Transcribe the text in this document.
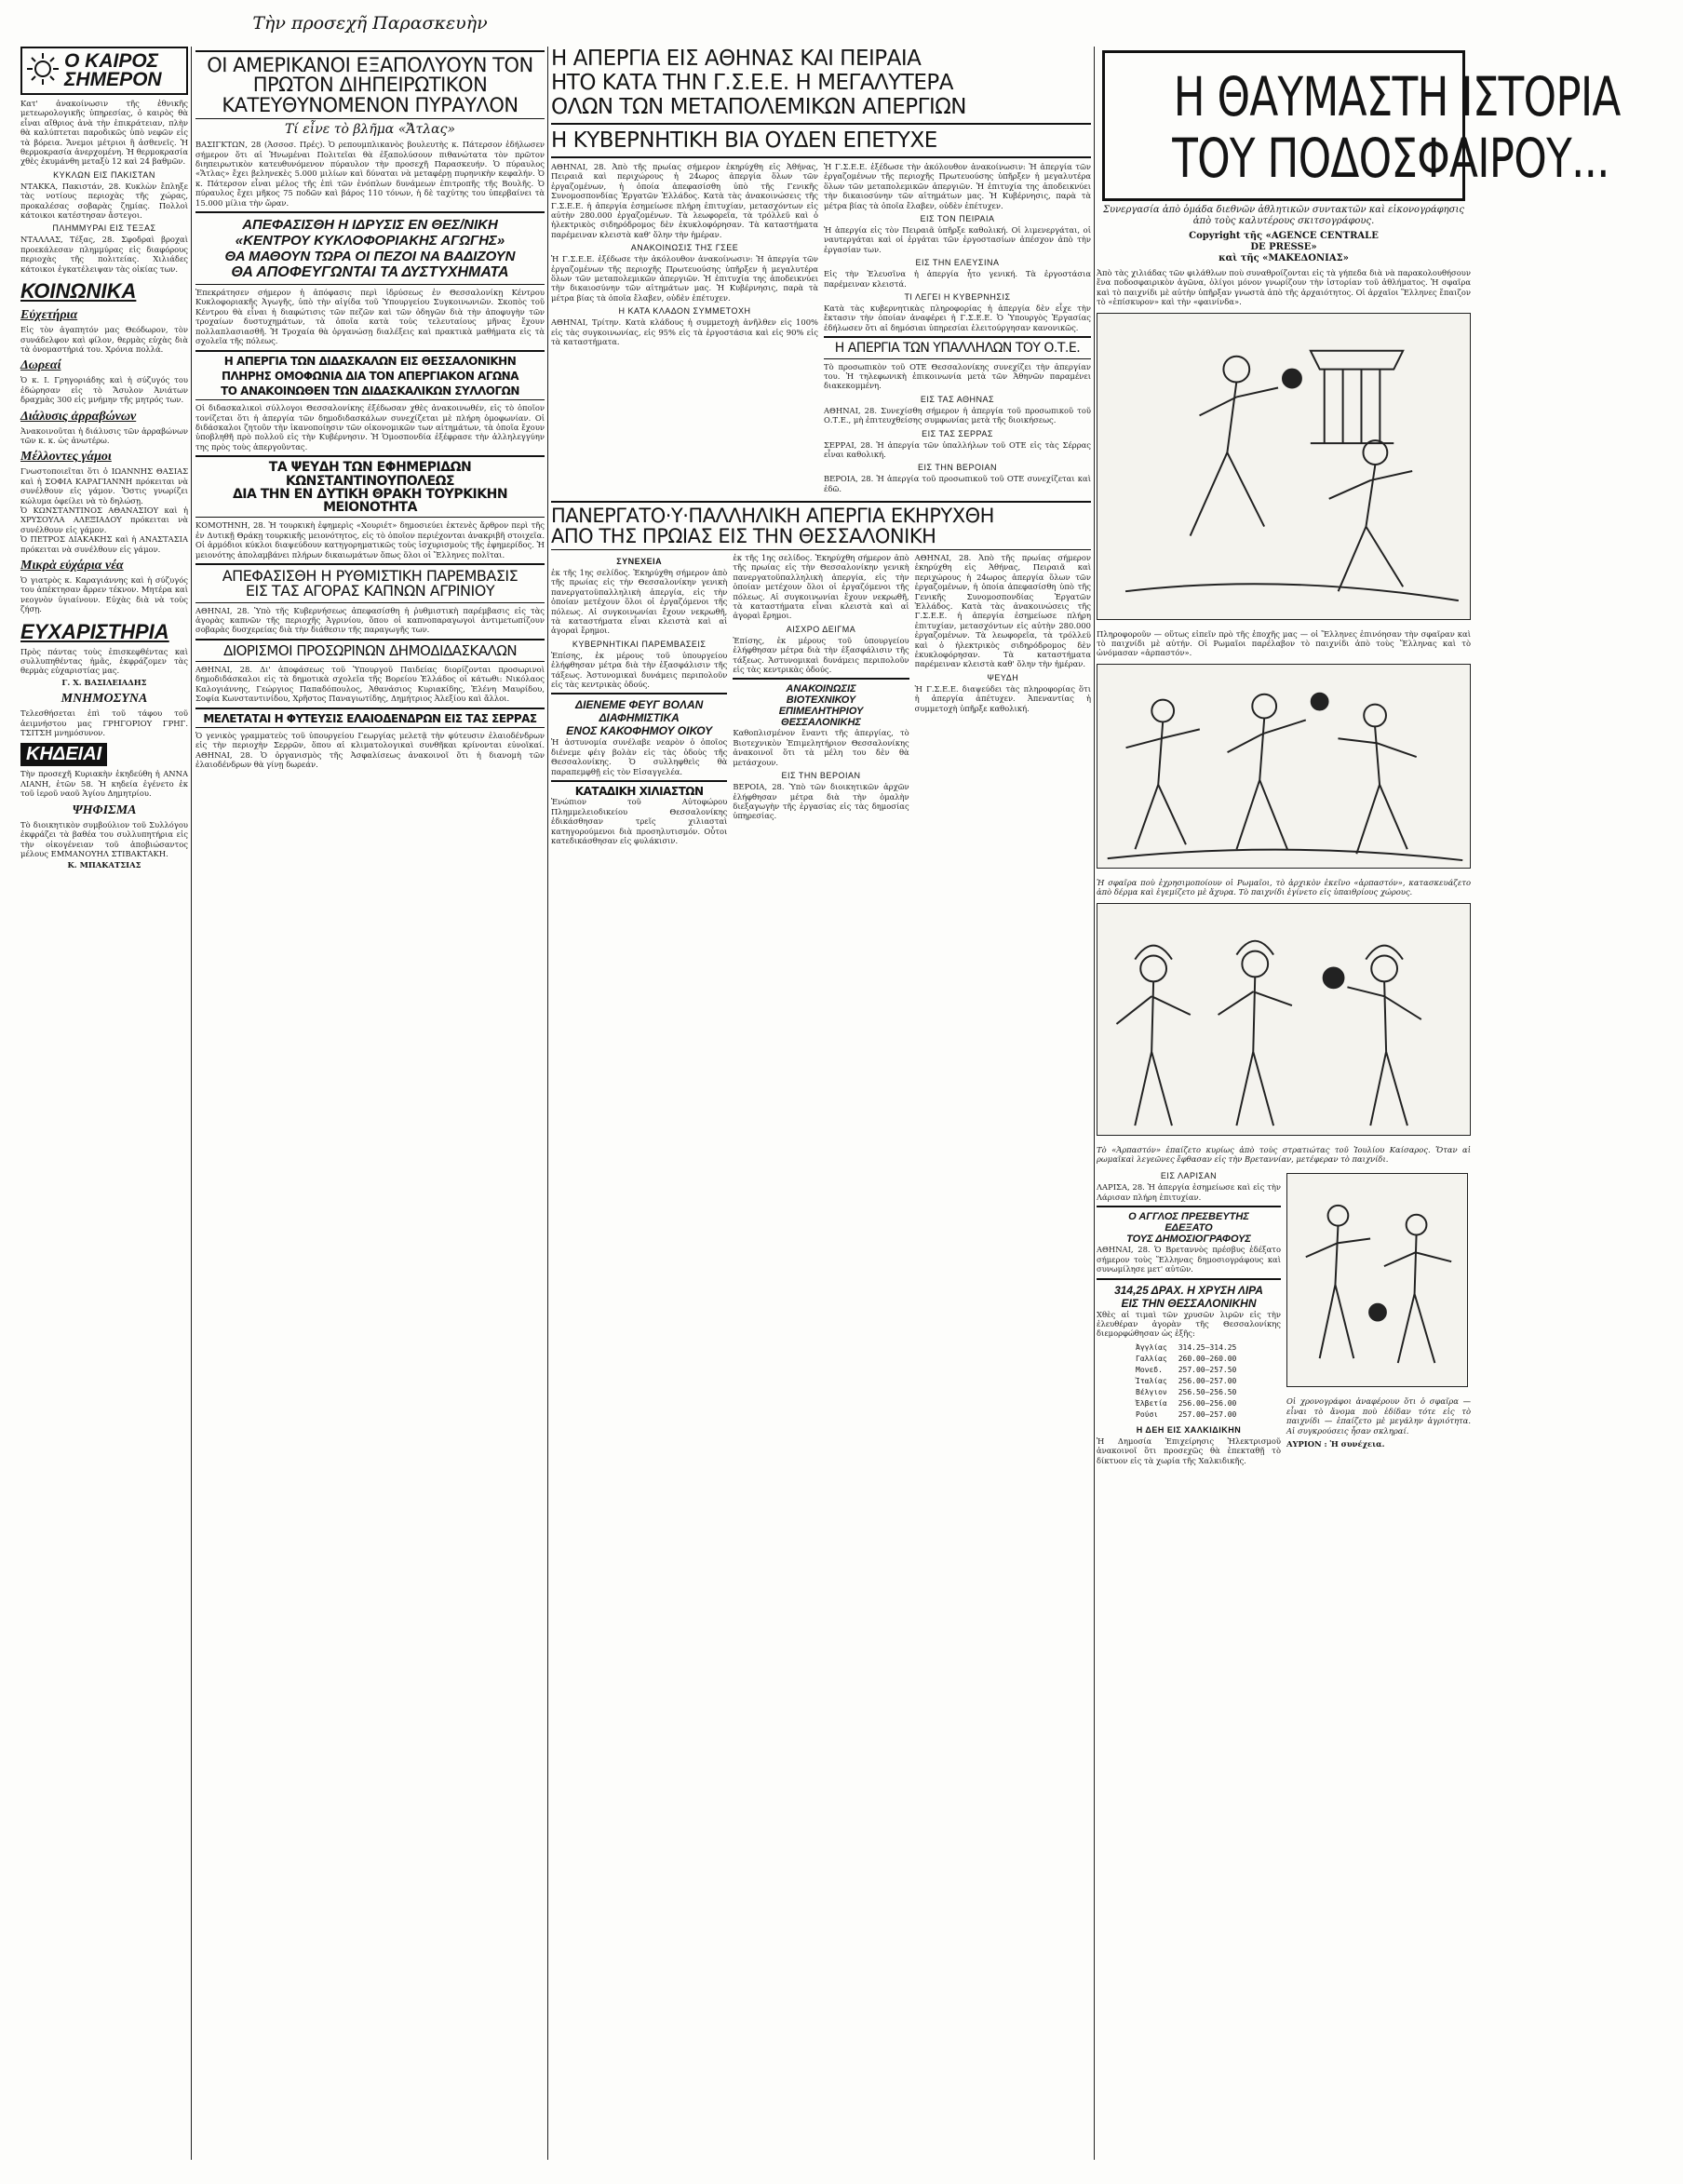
Τὴν προσεχῆ Παρασκευὴν
Ο ΚΑΙΡΟΣ
ΣΗΜΕΡΟΝ
Κατ' ἀνακοίνωσιν τῆς ἐθνικῆς μετεωρολογικῆς ὑπηρεσίας, ὁ καιρὸς θὰ εἶναι αἴθριος ἀνὰ τὴν ἐπικράτειαν, πλὴν θὰ καλύπτεται παροδικῶς ὑπὸ νεφῶν εἰς τὰ βόρεια. Ἄνεμοι μέτριοι ἢ ἀσθενεῖς. Ἡ θερμοκρασία ἀνερχομένη. Ἡ θερμοκρασία χθὲς ἐκυμάνθη μεταξὺ 12 καὶ 24 βαθμῶν.
ΚΥΚΛΩΝ ΕΙΣ ΠΑΚΙΣΤΑΝ
ΝΤΑΚΚΑ, Πακιστάν, 28. Κυκλὼν ἔπληξε τὰς νοτίους περιοχὰς τῆς χώρας, προκαλέσας σοβαρὰς ζημίας. Πολλοὶ κάτοικοι κατέστησαν ἄστεγοι.
ΠΛΗΜΜΥΡΑΙ ΕΙΣ ΤΕΞΑΣ
ΝΤΑΛΛΑΣ, Τέξας, 28. Σφοδραὶ βροχαὶ προεκάλεσαν πλημμύρας εἰς διαφόρους περιοχὰς τῆς πολιτείας. Χιλιάδες κάτοικοι ἐγκατέλειψαν τὰς οἰκίας των.
ΚΟΙΝΩΝΙΚΑ
Εὐχετήρια
Εἰς τὸν ἀγαπητόν μας Θεόδωρον, τὸν συνάδελφον καὶ φίλον, θερμὰς εὐχὰς διὰ τὰ ὀνομαστήριά του. Χρόνια πολλά.
Δωρεαί
Ὁ κ. Ι. Γρηγοριάδης καὶ ἡ σύζυγός του ἐδώρησαν εἰς τὸ Ἄσυλον Ἀνιάτων δραχμὰς 300 εἰς μνήμην τῆς μητρός των.
Διάλυσις ἀρραβώνων
Ἀνακοινοῦται ἡ διάλυσις τῶν ἀρραβώνων τῶν κ. κ. ὡς ἀνωτέρω.
Μέλλοντες γάμοι
Γνωστοποιεῖται ὅτι ὁ ΙΩΑΝΝΗΣ ΘΑΣΙΑΣ καὶ ἡ ΣΟΦΙΑ ΚΑΡΑΓΙΑΝΝΗ πρόκειται νὰ συνέλθουν εἰς γάμον. Ὅστις γνωρίζει κώλυμα ὀφείλει νὰ τὸ δηλώσῃ.
Ὁ ΚΩΝΣΤΑΝΤΙΝΟΣ ΑΘΑΝΑΣΙΟΥ καὶ ἡ ΧΡΥΣΟΥΛΑ ΑΛΕΞΙΑΔΟΥ πρόκειται νὰ συνέλθουν εἰς γάμον.
Ὁ ΠΕΤΡΟΣ ΔΙΑΚΑΚΗΣ καὶ ἡ ΑΝΑΣΤΑΣΙΑ πρόκειται νὰ συνέλθουν εἰς γάμον.
Μικρὰ εὐχάρια νέα
Ὁ γιατρὸς κ. Καραγιάννης καὶ ἡ σύζυγός του ἀπέκτησαν ἄρρεν τέκνον. Μητέρα καὶ νεογνὸν ὑγιαίνουν. Εὐχὰς διὰ νὰ τοὺς ζήσῃ.
ΕΥΧΑΡΙΣΤΗΡΙΑ
Πρὸς πάντας τοὺς ἐπισκεφθέντας καὶ συλλυπηθέντας ἡμᾶς, ἐκφράζομεν τὰς θερμὰς εὐχαριστίας μας.
Γ. Χ. ΒΑΣΙΛΕΙΑΔΗΣ
ΜΝΗΜΟΣΥΝΑ
Τελεσθήσεται ἐπὶ τοῦ τάφου τοῦ ἀειμνήστου μας ΓΡΗΓΟΡΙΟΥ ΓΡΗΓ. ΤΣΙΤΣΗ μνημόσυνον.
ΚΗΔΕΙΑΙ
Τὴν προσεχῆ Κυριακὴν ἐκηδεύθη ἡ ΑΝΝΑ ΛΙΑΝΗ, ἐτῶν 58. Ἡ κηδεία ἐγένετο ἐκ τοῦ ἱεροῦ ναοῦ Ἁγίου Δημητρίου.
ΨΗΦΙΣΜΑ
Τὸ διοικητικὸν συμβούλιον τοῦ Συλλόγου ἐκφράζει τὰ βαθέα του συλλυπητήρια εἰς τὴν οἰκογένειαν τοῦ ἀποβιώσαντος μέλους ΕΜΜΑΝΟΥΗΛ ΣΤΙΒΑΚΤΑΚΗ.
Κ. ΜΠΑΚΑΤΣΙΑΣ
ΟΙ ΑΜΕΡΙΚΑΝΟΙ ΕΞΑΠΟΛΥΟΥΝ ΤΟΝ ΠΡΩΤΟΝ ΔΙΗΠΕΙΡΩΤΙΚΟΝ ΚΑΤΕΥΘΥΝΟΜΕΝΟΝ ΠΥΡΑΥΛΟΝ
Τί εἶνε τὸ βλῆμα «Ἄτλας»
ΒΑΣΙΓΚΤΩΝ, 28 (Ἀσσοσ. Πρές). Ὁ ρεπουμπλικανὸς βουλευτὴς κ. Πάτερσον ἐδήλωσεν σήμερον ὅτι αἱ Ἡνωμέναι Πολιτεῖαι θὰ ἐξαπολύσουν πιθανώτατα τὸν πρῶτον διηπειρωτικὸν κατευθυνόμενον πύραυλον τὴν προσεχῆ Παρασκευήν. Ὁ πύραυλος «Ἄτλας» ἔχει βεληνεκὲς 5.000 μιλίων καὶ δύναται νὰ μεταφέρῃ πυρηνικὴν κεφαλήν. Ὁ κ. Πάτερσον εἶναι μέλος τῆς ἐπὶ τῶν ἐνόπλων δυνάμεων ἐπιτροπῆς τῆς Βουλῆς. Ὁ πύραυλος ἔχει μῆκος 75 ποδῶν καὶ βάρος 110 τόνων, ἡ δὲ ταχύτης του ὑπερβαίνει τὰ 15.000 μίλια τὴν ὥραν.
ΑΠΕΦΑΣΙΣΘΗ Η ΙΔΡΥΣΙΣ ΕΝ ΘΕΣ/ΝΙΚΗ
«ΚΕΝΤΡΟΥ ΚΥΚΛΟΦΟΡΙΑΚΗΣ ΑΓΩΓΗΣ»
ΘΑ ΜΑΘΟΥΝ ΤΩΡΑ ΟΙ ΠΕΖΟΙ ΝΑ ΒΑΔΙΖΟΥΝ
ΘΑ ΑΠΟΦΕΥΓΩΝΤΑΙ ΤΑ ΔΥΣΤΥΧΗΜΑΤΑ
Ἐπεκράτησεν σήμερον ἡ ἀπόφασις περὶ ἱδρύσεως ἐν Θεσσαλονίκῃ Κέντρου Κυκλοφοριακῆς Ἀγωγῆς, ὑπὸ τὴν αἰγίδα τοῦ Ὑπουργείου Συγκοινωνιῶν. Σκοπὸς τοῦ Κέντρου θὰ εἶναι ἡ διαφώτισις τῶν πεζῶν καὶ τῶν ὁδηγῶν διὰ τὴν ἀποφυγὴν τῶν τροχαίων δυστυχημάτων, τὰ ὁποῖα κατὰ τοὺς τελευταίους μῆνας ἔχουν πολλαπλασιασθῆ. Ἡ Τροχαία θὰ ὀργανώσῃ διαλέξεις καὶ πρακτικὰ μαθήματα εἰς τὰ σχολεῖα τῆς πόλεως.
Η ΑΠΕΡΓΙΑ ΤΩΝ ΔΙΔΑΣΚΑΛΩΝ ΕΙΣ ΘΕΣΣΑΛΟΝΙΚΗΝ
ΠΛΗΡΗΣ ΟΜΟΦΩΝΙΑ ΔΙΑ ΤΟΝ ΑΠΕΡΓΙΑΚΟΝ ΑΓΩΝΑ
ΤΟ ΑΝΑΚΟΙΝΩΘΕΝ ΤΩΝ ΔΙΔΑΣΚΑΛΙΚΩΝ ΣΥΛΛΟΓΩΝ
Οἱ διδασκαλικοὶ σύλλογοι Θεσσαλονίκης ἐξέδωσαν χθὲς ἀνακοινωθέν, εἰς τὸ ὁποῖον τονίζεται ὅτι ἡ ἀπεργία τῶν δημοδιδασκάλων συνεχίζεται μὲ πλήρη ὁμοφωνίαν. Οἱ διδάσκαλοι ζητοῦν τὴν ἱκανοποίησιν τῶν οἰκονομικῶν των αἰτημάτων, τὰ ὁποῖα ἔχουν ὑποβληθῆ πρὸ πολλοῦ εἰς τὴν Κυβέρνησιν. Ἡ Ὁμοσπονδία ἐξέφρασε τὴν ἀλληλεγγύην της πρὸς τοὺς ἀπεργοῦντας.
ΤΑ ΨΕΥΔΗ ΤΩΝ ΕΦΗΜΕΡΙΔΩΝ ΚΩΝΣΤΑΝΤΙΝΟΥΠΟΛΕΩΣ
ΔΙΑ ΤΗΝ ΕΝ ΔΥΤΙΚΗ ΘΡΑΚΗ ΤΟΥΡΚΙΚΗΝ ΜΕΙΟΝΟΤΗΤΑ
ΚΟΜΟΤΗΝΗ, 28. Ἡ τουρκικὴ ἐφημερὶς «Χουριέτ» δημοσιεύει ἐκτενὲς ἄρθρον περὶ τῆς ἐν Δυτικῇ Θράκῃ τουρκικῆς μειονότητος, εἰς τὸ ὁποῖον περιέχονται ἀνακριβῆ στοιχεῖα. Οἱ ἁρμόδιοι κύκλοι διαψεύδουν κατηγορηματικῶς τοὺς ἰσχυρισμοὺς τῆς ἐφημερίδος. Ἡ μειονότης ἀπολαμβάνει πλήρων δικαιωμάτων ὅπως ὅλοι οἱ Ἕλληνες πολῖται.
ΑΠΕΦΑΣΙΣΘΗ Η ΡΥΘΜΙΣΤΙΚΗ ΠΑΡΕΜΒΑΣΙΣ
ΕΙΣ ΤΑΣ ΑΓΟΡΑΣ ΚΑΠΝΩΝ ΑΓΡΙΝΙΟΥ
ΑΘΗΝΑΙ, 28. Ὑπὸ τῆς Κυβερνήσεως ἀπεφασίσθη ἡ ῥυθμιστικὴ παρέμβασις εἰς τὰς ἀγορὰς καπνῶν τῆς περιοχῆς Ἀγρινίου, ὅπου οἱ καπνοπαραγωγοὶ ἀντιμετωπίζουν σοβαρὰς δυσχερείας διὰ τὴν διάθεσιν τῆς παραγωγῆς των.
ΔΙΟΡΙΣΜΟΙ ΠΡΟΣΩΡΙΝΩΝ ΔΗΜΟΔΙΔΑΣΚΑΛΩΝ
ΑΘΗΝΑΙ, 28. Δι' ἀποφάσεως τοῦ Ὑπουργοῦ Παιδείας διορίζονται προσωρινοὶ δημοδιδάσκαλοι εἰς τὰ δημοτικὰ σχολεῖα τῆς Βορείου Ἑλλάδος οἱ κάτωθι: Νικόλαος Καλογιάννης, Γεώργιος Παπαδόπουλος, Ἀθανάσιος Κυριακίδης, Ἑλένη Μαυρίδου, Σοφία Κωνσταντινίδου, Χρῆστος Παναγιωτίδης, Δημήτριος Ἀλεξίου καὶ ἄλλοι.
ΜΕΛΕΤΑΤΑΙ Η ΦΥΤΕΥΣΙΣ ΕΛΑΙΟΔΕΝΔΡΩΝ ΕΙΣ ΤΑΣ ΣΕΡΡΑΣ
Ὁ γενικὸς γραμματεὺς τοῦ ὑπουργείου Γεωργίας μελετᾷ τὴν φύτευσιν ἐλαιοδένδρων εἰς τὴν περιοχὴν Σερρῶν, ὅπου αἱ κλιματολογικαὶ συνθῆκαι κρίνονται εὐνοϊκαί. ΑΘΗΝΑΙ, 28. Ὁ ὀργανισμὸς τῆς Ἀσφαλίσεως ἀνακοινοῖ ὅτι ἡ διανομὴ τῶν ἐλαιοδένδρων θὰ γίνῃ δωρεάν.
Η ΑΠΕΡΓΙΑ ΕΙΣ ΑΘΗΝΑΣ ΚΑΙ ΠΕΙΡΑΙΑ
ΗΤΟ ΚΑΤΑ ΤΗΝ Γ.Σ.Ε.Ε. Η ΜΕΓΑΛΥΤΕΡΑ
ΟΛΩΝ ΤΩΝ ΜΕΤΑΠΟΛΕΜΙΚΩΝ ΑΠΕΡΓΙΩΝ
Η ΚΥΒΕΡΝΗΤΙΚΗ ΒΙΑ ΟΥΔΕΝ ΕΠΕΤΥΧΕ
ΑΘΗΝΑΙ, 28. Ἀπὸ τῆς πρωίας σήμερον ἐκηρύχθη εἰς Ἀθήνας, Πειραιᾶ καὶ περιχώρους ἡ 24ωρος ἀπεργία ὅλων τῶν ἐργαζομένων, ἡ ὁποία ἀπεφασίσθη ὑπὸ τῆς Γενικῆς Συνομοσπονδίας Ἐργατῶν Ἑλλάδος. Κατὰ τὰς ἀνακοινώσεις τῆς Γ.Σ.Ε.Ε. ἡ ἀπεργία ἐσημείωσε πλήρη ἐπιτυχίαν, μετασχόντων εἰς αὐτὴν 280.000 ἐργαζομένων. Τὰ λεωφορεῖα, τὰ τρόλλεϋ καὶ ὁ ἠλεκτρικὸς σιδηρόδρομος δὲν ἐκυκλοφόρησαν. Τὰ καταστήματα παρέμειναν κλειστὰ καθ' ὅλην τὴν ἡμέραν.
ΑΝΑΚΟΙΝΩΣΙΣ ΤΗΣ ΓΣΕΕ
Ἡ Γ.Σ.Ε.Ε. ἐξέδωσε τὴν ἀκόλουθον ἀνακοίνωσιν: Ἡ ἀπεργία τῶν ἐργαζομένων τῆς περιοχῆς Πρωτευούσης ὑπῆρξεν ἡ μεγαλυτέρα ὅλων τῶν μεταπολεμικῶν ἀπεργιῶν. Ἡ ἐπιτυχία της ἀποδεικνύει τὴν δικαιοσύνην τῶν αἰτημάτων μας. Ἡ Κυβέρνησις, παρὰ τὰ μέτρα βίας τὰ ὁποῖα ἔλαβεν, οὐδὲν ἐπέτυχεν.
Η ΚΑΤΑ ΚΛΑΔΟΝ ΣΥΜΜΕΤΟΧΗ
ΑΘΗΝΑΙ, Τρίτην. Κατὰ κλάδους ἡ συμμετοχὴ ἀνῆλθεν εἰς 100% εἰς τὰς συγκοινωνίας, εἰς 95% εἰς τὰ ἐργοστάσια καὶ εἰς 90% εἰς τὰ καταστήματα.
Ἡ Γ.Σ.Ε.Ε. ἐξέδωσε τὴν ἀκόλουθον ἀνακοίνωσιν: Ἡ ἀπεργία τῶν ἐργαζομένων τῆς περιοχῆς Πρωτευούσης ὑπῆρξεν ἡ μεγαλυτέρα ὅλων τῶν μεταπολεμικῶν ἀπεργιῶν. Ἡ ἐπιτυχία της ἀποδεικνύει τὴν δικαιοσύνην τῶν αἰτημάτων μας. Ἡ Κυβέρνησις, παρὰ τὰ μέτρα βίας τὰ ὁποῖα ἔλαβεν, οὐδὲν ἐπέτυχεν.
ΕΙΣ ΤΟΝ ΠΕΙΡΑΙΑ
Ἡ ἀπεργία εἰς τὸν Πειραιᾶ ὑπῆρξε καθολική. Οἱ λιμενεργάται, οἱ ναυτεργάται καὶ οἱ ἐργάται τῶν ἐργοστασίων ἀπέσχον ἀπὸ τὴν ἐργασίαν των.
ΕΙΣ ΤΗΝ ΕΛΕΥΣΙΝΑ
Εἰς τὴν Ἐλευσῖνα ἡ ἀπεργία ἦτο γενική. Τὰ ἐργοστάσια παρέμειναν κλειστά.
ΤΙ ΛΕΓΕΙ Η ΚΥΒΕΡΝΗΣΙΣ
Κατὰ τὰς κυβερνητικὰς πληροφορίας ἡ ἀπεργία δὲν εἶχε τὴν ἔκτασιν τὴν ὁποίαν ἀναφέρει ἡ Γ.Σ.Ε.Ε. Ὁ Ὑπουργὸς Ἐργασίας ἐδήλωσεν ὅτι αἱ δημόσιαι ὑπηρεσίαι ἐλειτούργησαν κανονικῶς.
Η ΑΠΕΡΓΙΑ ΤΩΝ ΥΠΑΛΛΗΛΩΝ ΤΟΥ Ο.Τ.Ε.
Τὸ προσωπικὸν τοῦ ΟΤΕ Θεσσαλονίκης συνεχίζει τὴν ἀπεργίαν του. Ἡ τηλεφωνικὴ ἐπικοινωνία μετὰ τῶν Ἀθηνῶν παραμένει διακεκομμένη.
ΕΙΣ ΤΑΣ ΑΘΗΝΑΣ
ΑΘΗΝΑΙ, 28. Συνεχίσθη σήμερον ἡ ἀπεργία τοῦ προσωπικοῦ τοῦ Ο.Τ.Ε., μὴ ἐπιτευχθείσης συμφωνίας μετὰ τῆς διοικήσεως.
ΕΙΣ ΤΑΣ ΣΕΡΡΑΣ
ΣΕΡΡΑΙ, 28. Ἡ ἀπεργία τῶν ὑπαλλήλων τοῦ ΟΤΕ εἰς τὰς Σέρρας εἶναι καθολική.
ΕΙΣ ΤΗΝ ΒΕΡΟΙΑΝ
ΒΕΡΟΙΑ, 28. Ἡ ἀπεργία τοῦ προσωπικοῦ τοῦ ΟΤΕ συνεχίζεται καὶ ἐδῶ.
ΠΑΝΕΡΓΑΤΟ·Υ·ΠΑΛΛΗΛΙΚΗ ΑΠΕΡΓΙΑ ΕΚΗΡΥΧΘΗ
ΑΠΟ ΤΗΣ ΠΡΩΙΑΣ ΕΙΣ ΤΗΝ ΘΕΣΣΑΛΟΝΙΚΗ
ΣΥΝΕΧΕΙΑ
ἐκ τῆς 1ης σελίδος. Ἐκηρύχθη σήμερον ἀπὸ τῆς πρωίας εἰς τὴν Θεσσαλονίκην γενικὴ πανεργατοϋπαλληλικὴ ἀπεργία, εἰς τὴν ὁποίαν μετέχουν ὅλοι οἱ ἐργαζόμενοι τῆς πόλεως. Αἱ συγκοινωνίαι ἔχουν νεκρωθῆ, τὰ καταστήματα εἶναι κλειστὰ καὶ αἱ ἀγοραὶ ἔρημοι.
ΚΥΒΕΡΝΗΤΙΚΑΙ ΠΑΡΕΜΒΑΣΕΙΣ
Ἐπίσης, ἐκ μέρους τοῦ ὑπουργείου ἐλήφθησαν μέτρα διὰ τὴν ἐξασφάλισιν τῆς τάξεως. Ἀστυνομικαὶ δυνάμεις περιπολοῦν εἰς τὰς κεντρικὰς ὁδούς.
ΔΙΕΝΕΜΕ ΦΕΥΓ ΒΟΛΑΝ
ΔΙΑΦΗΜΙΣΤΙΚΑ
ΕΝΟΣ ΚΑΚΟΦΗΜΟΥ ΟΙΚΟΥ
Ἡ ἀστυνομία συνέλαβε νεαρὸν ὁ ὁποῖος διένεμε φέιγ βολὰν εἰς τὰς ὁδοὺς τῆς Θεσσαλονίκης. Ὁ συλληφθεὶς θὰ παραπεμφθῇ εἰς τὸν Εἰσαγγελέα.
ΚΑΤΑΔΙΚΗ ΧΙΛΙΑΣΤΩΝ
Ἐνώπιον τοῦ Αὐτοφώρου Πλημμελειοδικείου Θεσσαλονίκης ἐδικάσθησαν τρεῖς χιλιασταὶ κατηγορούμενοι διὰ προσηλυτισμόν. Οὗτοι κατεδικάσθησαν εἰς φυλάκισιν.
ἐκ τῆς 1ης σελίδος. Ἐκηρύχθη σήμερον ἀπὸ τῆς πρωίας εἰς τὴν Θεσσαλονίκην γενικὴ πανεργατοϋπαλληλικὴ ἀπεργία, εἰς τὴν ὁποίαν μετέχουν ὅλοι οἱ ἐργαζόμενοι τῆς πόλεως. Αἱ συγκοινωνίαι ἔχουν νεκρωθῆ, τὰ καταστήματα εἶναι κλειστὰ καὶ αἱ ἀγοραὶ ἔρημοι.
ΑΙΣΧΡΟ ΔΕΙΓΜΑ
Ἐπίσης, ἐκ μέρους τοῦ ὑπουργείου ἐλήφθησαν μέτρα διὰ τὴν ἐξασφάλισιν τῆς τάξεως. Ἀστυνομικαὶ δυνάμεις περιπολοῦν εἰς τὰς κεντρικὰς ὁδούς.
ΑΝΑΚΟΙΝΩΣΙΣ
ΒΙΟΤΕΧΝΙΚΟΥ
ΕΠΙΜΕΛΗΤΗΡΙΟΥ
ΘΕΣΣΑΛΟΝΙΚΗΣ
Καθοπλισμένον ἔναντι τῆς ἀπεργίας, τὸ Βιοτεχνικὸν Ἐπιμελητήριον Θεσσαλονίκης ἀνακοινοῖ ὅτι τὰ μέλη του δὲν θὰ μετάσχουν.
ΕΙΣ ΤΗΝ ΒΕΡΟΙΑΝ
ΒΕΡΟΙΑ, 28. Ὑπὸ τῶν διοικητικῶν ἀρχῶν ἐλήφθησαν μέτρα διὰ τὴν ὁμαλὴν διεξαγωγὴν τῆς ἐργασίας εἰς τὰς δημοσίας ὑπηρεσίας.
ΑΘΗΝΑΙ, 28. Ἀπὸ τῆς πρωίας σήμερον ἐκηρύχθη εἰς Ἀθήνας, Πειραιᾶ καὶ περιχώρους ἡ 24ωρος ἀπεργία ὅλων τῶν ἐργαζομένων, ἡ ὁποία ἀπεφασίσθη ὑπὸ τῆς Γενικῆς Συνομοσπονδίας Ἐργατῶν Ἑλλάδος. Κατὰ τὰς ἀνακοινώσεις τῆς Γ.Σ.Ε.Ε. ἡ ἀπεργία ἐσημείωσε πλήρη ἐπιτυχίαν, μετασχόντων εἰς αὐτὴν 280.000 ἐργαζομένων. Τὰ λεωφορεῖα, τὰ τρόλλεϋ καὶ ὁ ἠλεκτρικὸς σιδηρόδρομος δὲν ἐκυκλοφόρησαν. Τὰ καταστήματα παρέμειναν κλειστὰ καθ' ὅλην τὴν ἡμέραν.
ΨΕΥΔΗ
Ἡ Γ.Σ.Ε.Ε. διαψεύδει τὰς πληροφορίας ὅτι ἡ ἀπεργία ἀπέτυχεν. Ἀπεναντίας ἡ συμμετοχὴ ὑπῆρξε καθολική.
Η ΘΑΥΜΑΣΤΗ ΙΣΤΟΡΙΑ
ΤΟΥ ΠΟΔΟΣΦΑΙΡΟΥ...
Συνεργασία ἀπὸ ὁμάδα διεθνῶν ἀθλητικῶν συντακτῶν καὶ εἰκονογράφησις ἀπὸ τοὺς καλυτέρους σκιτσογράφους.
Copyright τῆς «AGENCE CENTRALE
DE PRESSE»
καὶ τῆς «ΜΑΚΕΔΟΝΙΑΣ»
Ἀπὸ τὰς χιλιάδας τῶν φιλάθλων ποὺ συναθροίζονται εἰς τὰ γήπεδα διὰ νὰ παρακολουθήσουν ἕνα ποδοσφαιρικὸν ἀγῶνα, ὀλίγοι μόνον γνωρίζουν τὴν ἱστορίαν τοῦ ἀθλήματος. Ἡ σφαῖρα καὶ τὸ παιχνίδι μὲ αὐτὴν ὑπῆρξαν γνωστὰ ἀπὸ τῆς ἀρχαιότητος. Οἱ ἀρχαῖοι Ἕλληνες ἔπαιζον τὸ «ἐπίσκυρον» καὶ τὴν «φαινίνδα».
Πληροφοροῦν — οὕτως εἰπεῖν πρὸ τῆς ἐποχῆς μας — οἱ Ἕλληνες ἐπινόησαν τὴν σφαῖραν καὶ τὸ παιχνίδι μὲ αὐτήν. Οἱ Ρωμαῖοι παρέλαβον τὸ παιχνίδι ἀπὸ τοὺς Ἕλληνας καὶ τὸ ὠνόμασαν «ἁρπαστόν».
Ἡ σφαῖρα ποὺ ἐχρησιμοποίουν οἱ Ρωμαῖοι, τὸ ἀρχικὸν ἐκεῖνο «ἁρπαστόν», κατασκευάζετο ἀπὸ δέρμα καὶ ἐγεμίζετο μὲ ἄχυρα. Τὸ παιχνίδι ἐγίνετο εἰς ὑπαιθρίους χώρους.
Τὸ «Ἁρπαστόν» ἐπαίζετο κυρίως ἀπὸ τοὺς στρατιώτας τοῦ Ἰουλίου Καίσαρος. Ὅταν αἱ ρωμαϊκαὶ λεγεῶνες ἔφθασαν εἰς τὴν Βρεταννίαν, μετέφεραν τὸ παιχνίδι.
ΕΙΣ ΛΑΡΙΣΑΝ
ΛΑΡΙΣΑ, 28. Ἡ ἀπεργία ἐσημείωσε καὶ εἰς τὴν Λάρισαν πλήρη ἐπιτυχίαν.
Ο ΑΓΓΛΟΣ ΠΡΕΣΒΕΥΤΗΣ
ΕΔΕΞΑΤΟ
ΤΟΥΣ ΔΗΜΟΣΙΟΓΡΑΦΟΥΣ
ΑΘΗΝΑΙ, 28. Ὁ Βρεταννὸς πρέσβυς ἐδέξατο σήμερον τοὺς Ἕλληνας δημοσιογράφους καὶ συνωμίλησε μετ' αὐτῶν.
314,25 ΔΡΑΧ. Η ΧΡΥΣΗ ΛΙΡΑ
ΕΙΣ ΤΗΝ ΘΕΣΣΑΛΟΝΙΚΗΝ
Χθὲς αἱ τιμαὶ τῶν χρυσῶν λιρῶν εἰς τὴν ἐλευθέραν ἀγορὰν τῆς Θεσσαλονίκης διεμορφώθησαν ὡς ἑξῆς:
Ἀγγλίας	314.25—314.25
Γαλλίας	260.00—260.00
Μονεδ.	257.00—257.50
Ἰταλίας	256.00—257.00
Βέλγιον	256.50—256.50
Ἐλβετία	256.00—256.00
Ρούσι	257.00—257.00
Η ΔΕΗ ΕΙΣ ΧΑΛΚΙΔΙΚΗΝ
Ἡ Δημοσία Ἐπιχείρησις Ἠλεκτρισμοῦ ἀνακοινοῖ ὅτι προσεχῶς θὰ ἐπεκταθῇ τὸ δίκτυον εἰς τὰ χωρία τῆς Χαλκιδικῆς.
Οἱ χρονογράφοι ἀναφέρουν ὅτι ὁ σφαῖρα — εἶναι τὸ ἄνομα ποὺ ἐδίδαν τότε εἰς τὸ παιχνίδι — ἐπαίζετο μὲ μεγάλην ἀγριότητα. Αἱ συγκρούσεις ἦσαν σκληραί.
ΑΥΡΙΟΝ : Ἡ συνέχεια.
